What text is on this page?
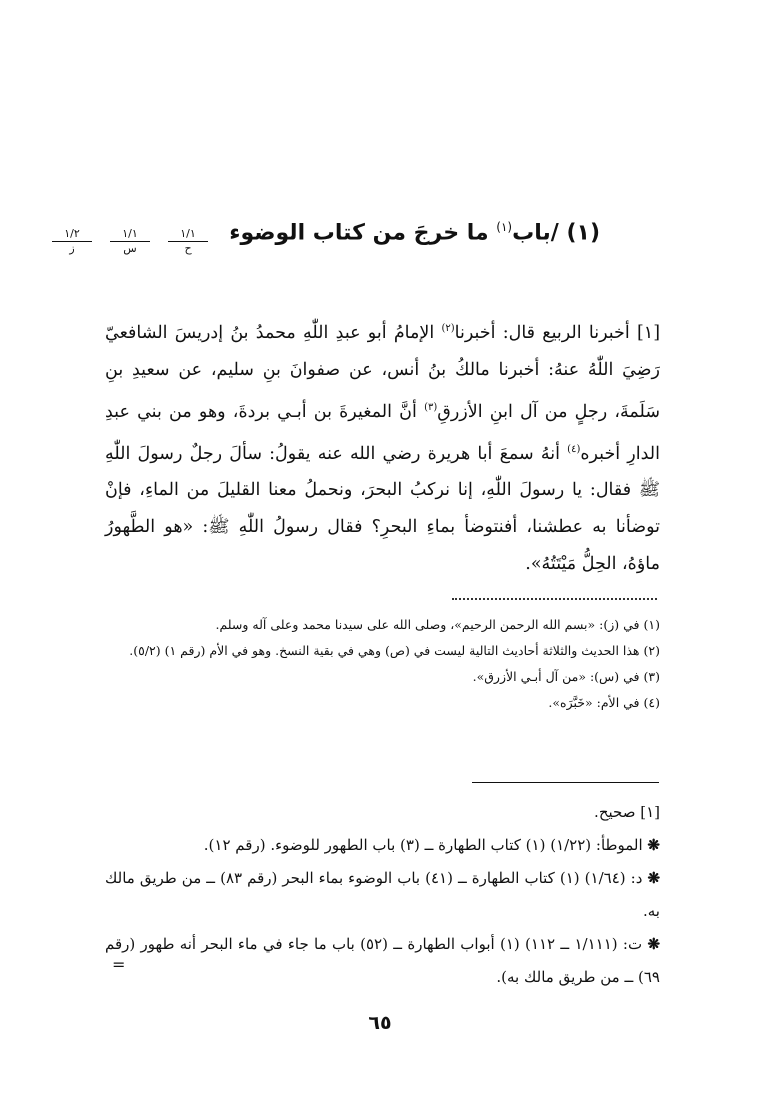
(١) /باب$^{(١)}$ ما خرجَ من كتاب الوضوء
١/١
ح
١/١
س
١/٢
ز
[١] أخبرنا الربيع قال: أخبرنا$^{(٢)}$ الإمامُ أبو عبدِ اللّٰهِ محمدُ بنُ إدريسَ الشافعيّ رَضِيَ اللّٰهُ عنهُ: أخبرنا مالكُ بنُ أنس، عن صفوانَ بنِ سليم، عن سعيدِ بنِ سَلَمةَ، رجلٍ من آل ابنِ الأزرقِ$^{(٣)}$ أنَّ المغيرةَ بن أبـي بردةَ، وهو من بني عبدِ الدارِ أخبره$^{(٤)}$ أنهُ سمعَ أبا هريرة رضي الله عنه يقولُ: سألَ رجلٌ رسولَ اللّٰهِ ﷺ فقال: يا رسولَ اللّٰهِ، إنا نركبُ البحرَ، ونحملُ معنا القليلَ من الماءِ، فإنْ توضأنا به عطشنا، أفنتوضأ بماءِ البحرِ؟ فقال رسولُ اللّٰهِ ﷺ: «هو الطَّهورُ ماؤهُ، الحِلُّ مَيْتَتُهُ».

(١) في (ز): «بسم الله الرحمن الرحيم»، وصلى الله على سيدنا محمد وعلى آله وسلم.

(٢) هذا الحديث والثلاثة أحاديث التالية ليست في (ص) وهي في بقية النسخ. وهو في الأم (رقم ١) (٥/٢).

(٣) في (س): «من آل أبـي الأزرق».

(٤) في الأم: «خَبَّرَه».

[١] صحيح.

❋ الموطأ: (١/٢٢) (١) كتاب الطهارة ــ (٣) باب الطهور للوضوء. (رقم ١٢).

❋ د: (١/٦٤) (١) كتاب الطهارة ــ (٤١) باب الوضوء بماء البحر (رقم ٨٣) ــ من طريق مالك به.

❋ ت: (١/١١١ ــ ١١٢) (١) أبواب الطهارة ــ (٥٢) باب ما جاء في ماء البحر أنه طهور (رقم ٦٩) ــ من طريق مالك به).

=
٦٥
